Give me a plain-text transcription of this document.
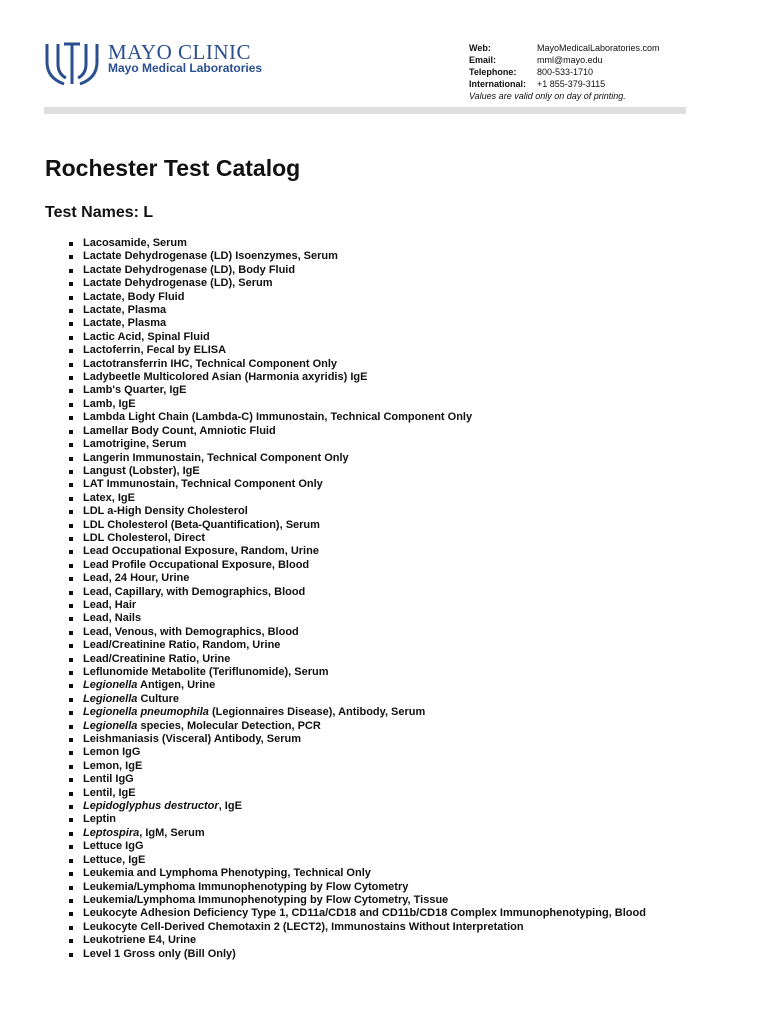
MAYO CLINIC
Mayo Medical Laboratories
Web:	MayoMedicalLaboratories.com
Email:	mml@mayo.edu
Telephone:	800-533-1710
International:	+1 855-379-3115
Values are valid only on day of printing.
Rochester Test Catalog
Test Names: L
Lacosamide, Serum
Lactate Dehydrogenase (LD) Isoenzymes, Serum
Lactate Dehydrogenase (LD), Body Fluid
Lactate Dehydrogenase (LD), Serum
Lactate, Body Fluid
Lactate, Plasma
Lactate, Plasma
Lactic Acid, Spinal Fluid
Lactoferrin, Fecal by ELISA
Lactotransferrin IHC, Technical Component Only
Ladybeetle Multicolored Asian (Harmonia axyridis) IgE
Lamb's Quarter, IgE
Lamb, IgE
Lambda Light Chain (Lambda-C) Immunostain, Technical Component Only
Lamellar Body Count, Amniotic Fluid
Lamotrigine, Serum
Langerin Immunostain, Technical Component Only
Langust (Lobster), IgE
LAT Immunostain, Technical Component Only
Latex, IgE
LDL a-High Density Cholesterol
LDL Cholesterol (Beta-Quantification), Serum
LDL Cholesterol, Direct
Lead Occupational Exposure, Random, Urine
Lead Profile Occupational Exposure, Blood
Lead, 24 Hour, Urine
Lead, Capillary, with Demographics, Blood
Lead, Hair
Lead, Nails
Lead, Venous, with Demographics, Blood
Lead/Creatinine Ratio, Random, Urine
Lead/Creatinine Ratio, Urine
Leflunomide Metabolite (Teriflunomide), Serum
Legionella Antigen, Urine
Legionella Culture
Legionella pneumophila (Legionnaires Disease), Antibody, Serum
Legionella species, Molecular Detection, PCR
Leishmaniasis (Visceral) Antibody, Serum
Lemon IgG
Lemon, IgE
Lentil IgG
Lentil, IgE
Lepidoglyphus destructor, IgE
Leptin
Leptospira, IgM, Serum
Lettuce IgG
Lettuce, IgE
Leukemia and Lymphoma Phenotyping, Technical Only
Leukemia/Lymphoma Immunophenotyping by Flow Cytometry
Leukemia/Lymphoma Immunophenotyping by Flow Cytometry, Tissue
Leukocyte Adhesion Deficiency Type 1, CD11a/CD18 and CD11b/CD18 Complex Immunophenotyping, Blood
Leukocyte Cell-Derived Chemotaxin 2 (LECT2), Immunostains Without Interpretation
Leukotriene E4, Urine
Level 1 Gross only (Bill Only)
